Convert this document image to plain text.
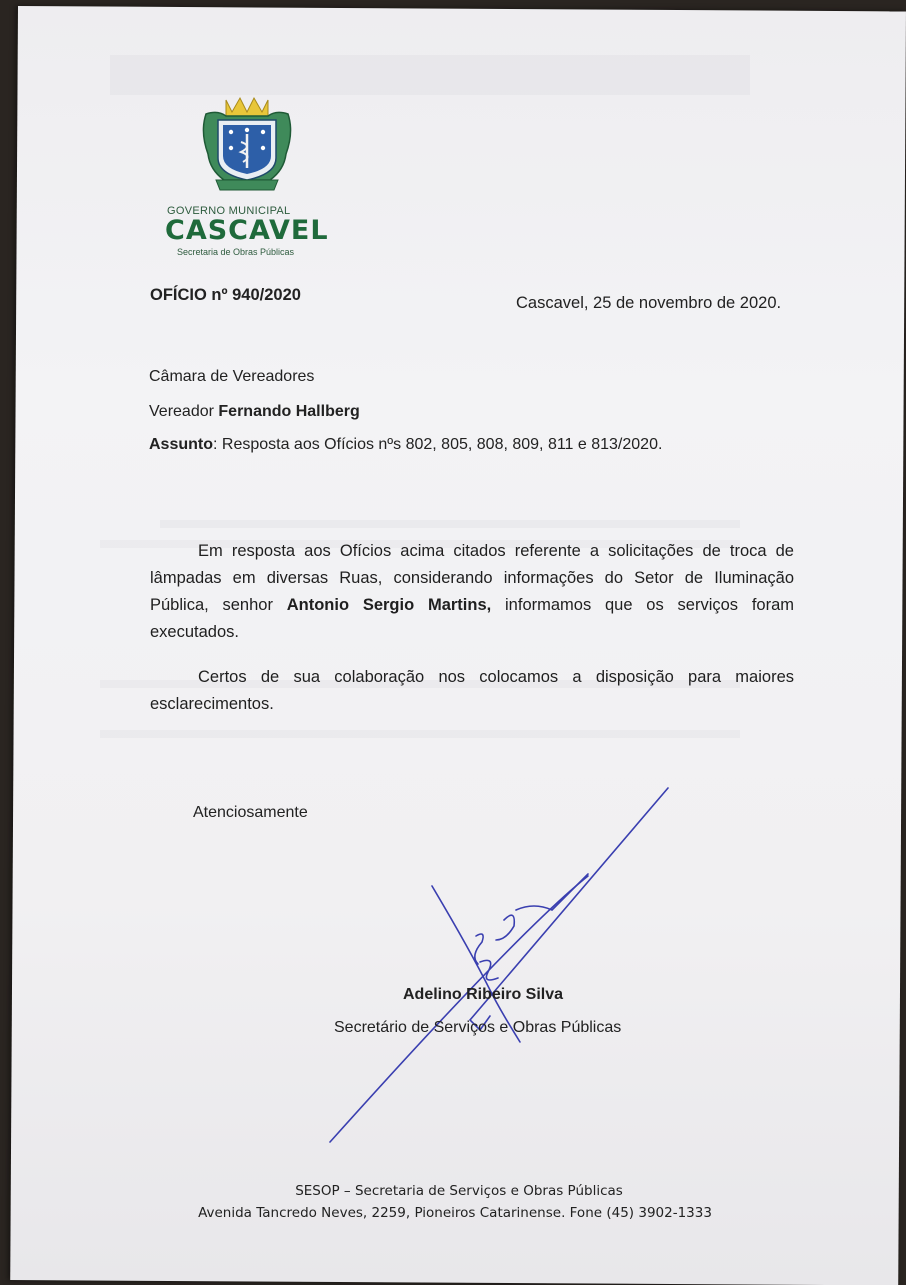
GOVERNO MUNICIPAL
CASCAVEL
Secretaria de Obras Públicas
OFÍCIO nº 940/2020	Cascavel, 25 de novembro de 2020.
Câmara de Vereadores
Vereador Fernando Hallberg
Assunto: Resposta aos Ofícios nºs 802, 805, 808, 809, 811 e 813/2020.

Em resposta aos Ofícios acima citados referente a solicitações de troca de lâmpadas em diversas Ruas, considerando informações do Setor de Iluminação Pública, senhor Antonio Sergio Martins, informamos que os serviços foram executados.

Certos de sua colaboração nos colocamos a disposição para maiores esclarecimentos.

Atenciosamente
Adelino Ribeiro Silva
Secretário de Serviços e Obras Públicas
SESOP – Secretaria de Serviços e Obras Públicas
Avenida Tancredo Neves, 2259, Pioneiros Catarinense. Fone (45) 3902-1333
